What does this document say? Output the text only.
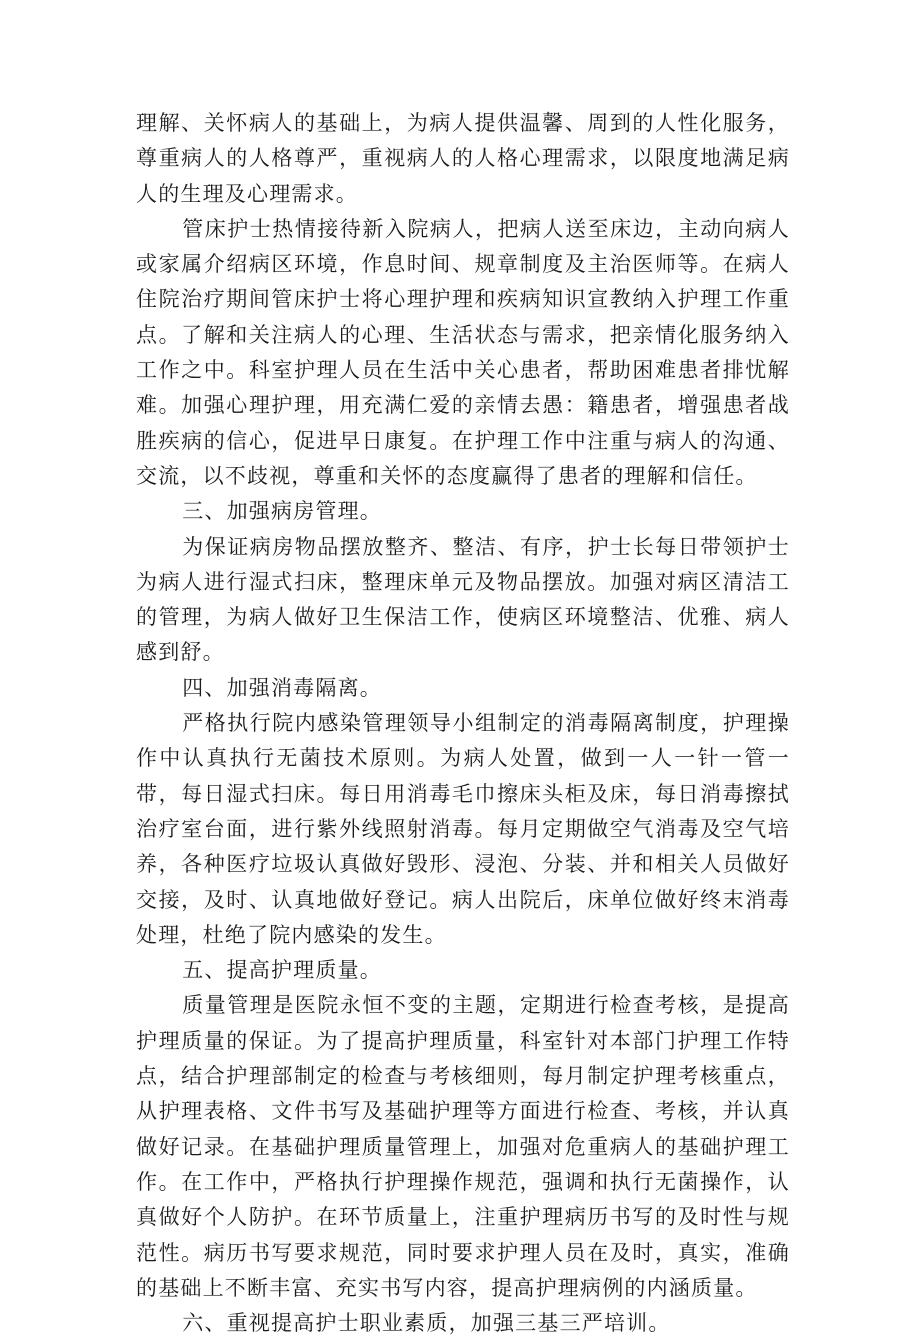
理解、关怀病人的基础上，为病人提供温馨、周到的人性化服务，尊重病人的人格尊严，重视病人的人格心理需求，以限度地满足病人的生理及心理需求。

管床护士热情接待新入院病人，把病人送至床边，主动向病人或家属介绍病区环境，作息时间、规章制度及主治医师等。在病人住院治疗期间管床护士将心理护理和疾病知识宣教纳入护理工作重点。了解和关注病人的心理、生活状态与需求，把亲情化服务纳入工作之中。科室护理人员在生活中关心患者，帮助困难患者排忧解难。加强心理护理，用充满仁爱的亲情去愚：籍患者，增强患者战胜疾病的信心，促进早日康复。在护理工作中注重与病人的沟通、交流，以不歧视，尊重和关怀的态度赢得了患者的理解和信任。

三、加强病房管理。

为保证病房物品摆放整齐、整洁、有序，护士长每日带领护士为病人进行湿式扫床，整理床单元及物品摆放。加强对病区清洁工的管理，为病人做好卫生保洁工作，使病区环境整洁、优雅、病人感到舒。

四、加强消毒隔离。

严格执行院内感染管理领导小组制定的消毒隔离制度，护理操作中认真执行无菌技术原则。为病人处置，做到一人一针一管一带，每日湿式扫床。每日用消毒毛巾擦床头柜及床，每日消毒擦拭治疗室台面，进行紫外线照射消毒。每月定期做空气消毒及空气培养，各种医疗垃圾认真做好毁形、浸泡、分装、并和相关人员做好交接，及时、认真地做好登记。病人出院后，床单位做好终末消毒处理，杜绝了院内感染的发生。

五、提高护理质量。

质量管理是医院永恒不变的主题，定期进行检查考核，是提高护理质量的保证。为了提高护理质量，科室针对本部门护理工作特点，结合护理部制定的检查与考核细则，每月制定护理考核重点，从护理表格、文件书写及基础护理等方面进行检查、考核，并认真做好记录。在基础护理质量管理上，加强对危重病人的基础护理工作。在工作中，严格执行护理操作规范，强调和执行无菌操作，认真做好个人防护。在环节质量上，注重护理病历书写的及时性与规范性。病历书写要求规范，同时要求护理人员在及时，真实，准确的基础上不断丰富、充实书写内容，提高护理病例的内涵质量。

六、重视提高护士职业素质，加强三基三严培训。
